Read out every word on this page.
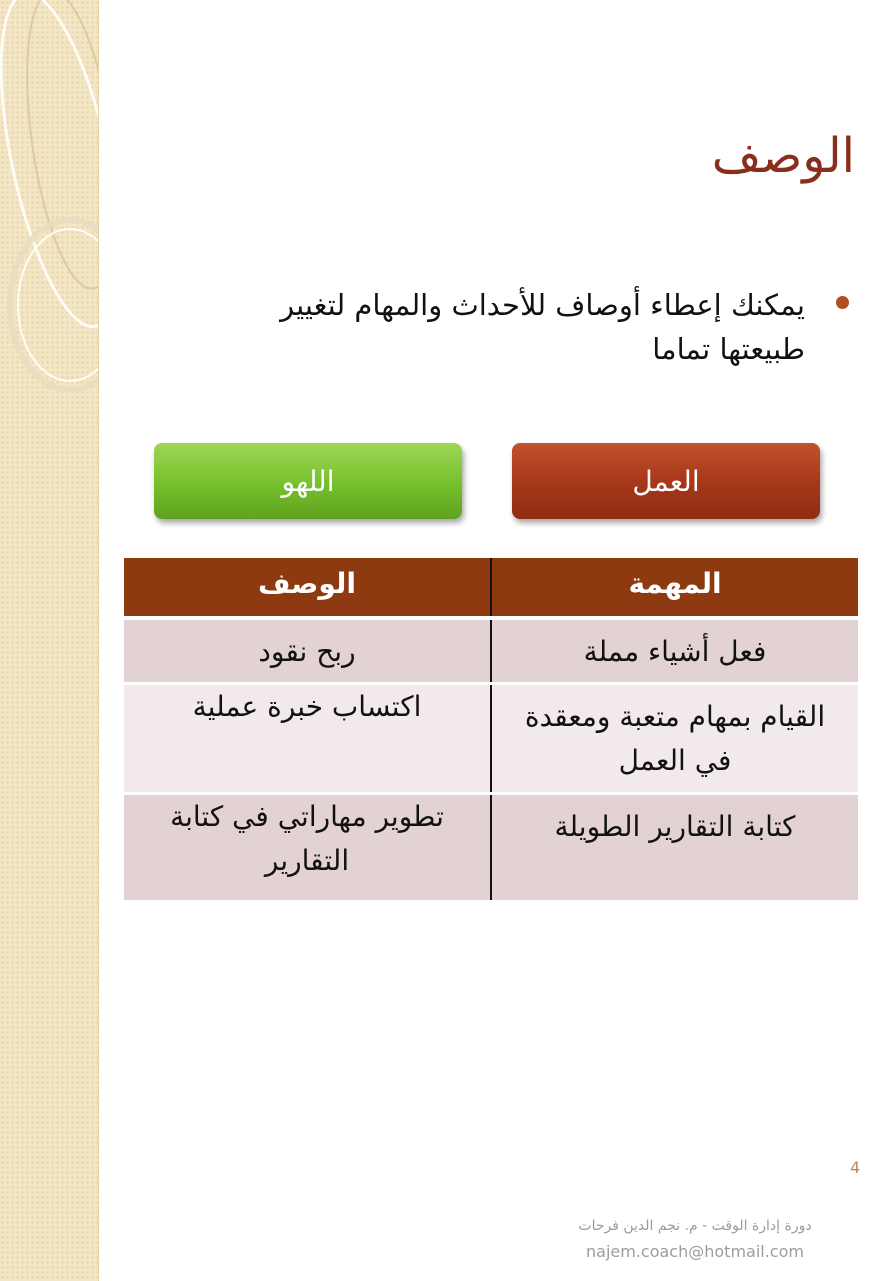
الوصف
يمكنك إعطاء أوصاف للأحداث والمهام لتغيير طبيعتها تماما
العمل
اللهو
المهمة	الوصف
فعل أشياء مملة	ربح نقود
القيام بمهام متعبة ومعقدة في العمل	اكتساب خبرة عملية
كتابة التقارير الطويلة	تطوير مهاراتي في كتابة التقارير
4
دورة إدارة الوقت - م. نجم الدين فرحات
najem.coach@hotmail.com
